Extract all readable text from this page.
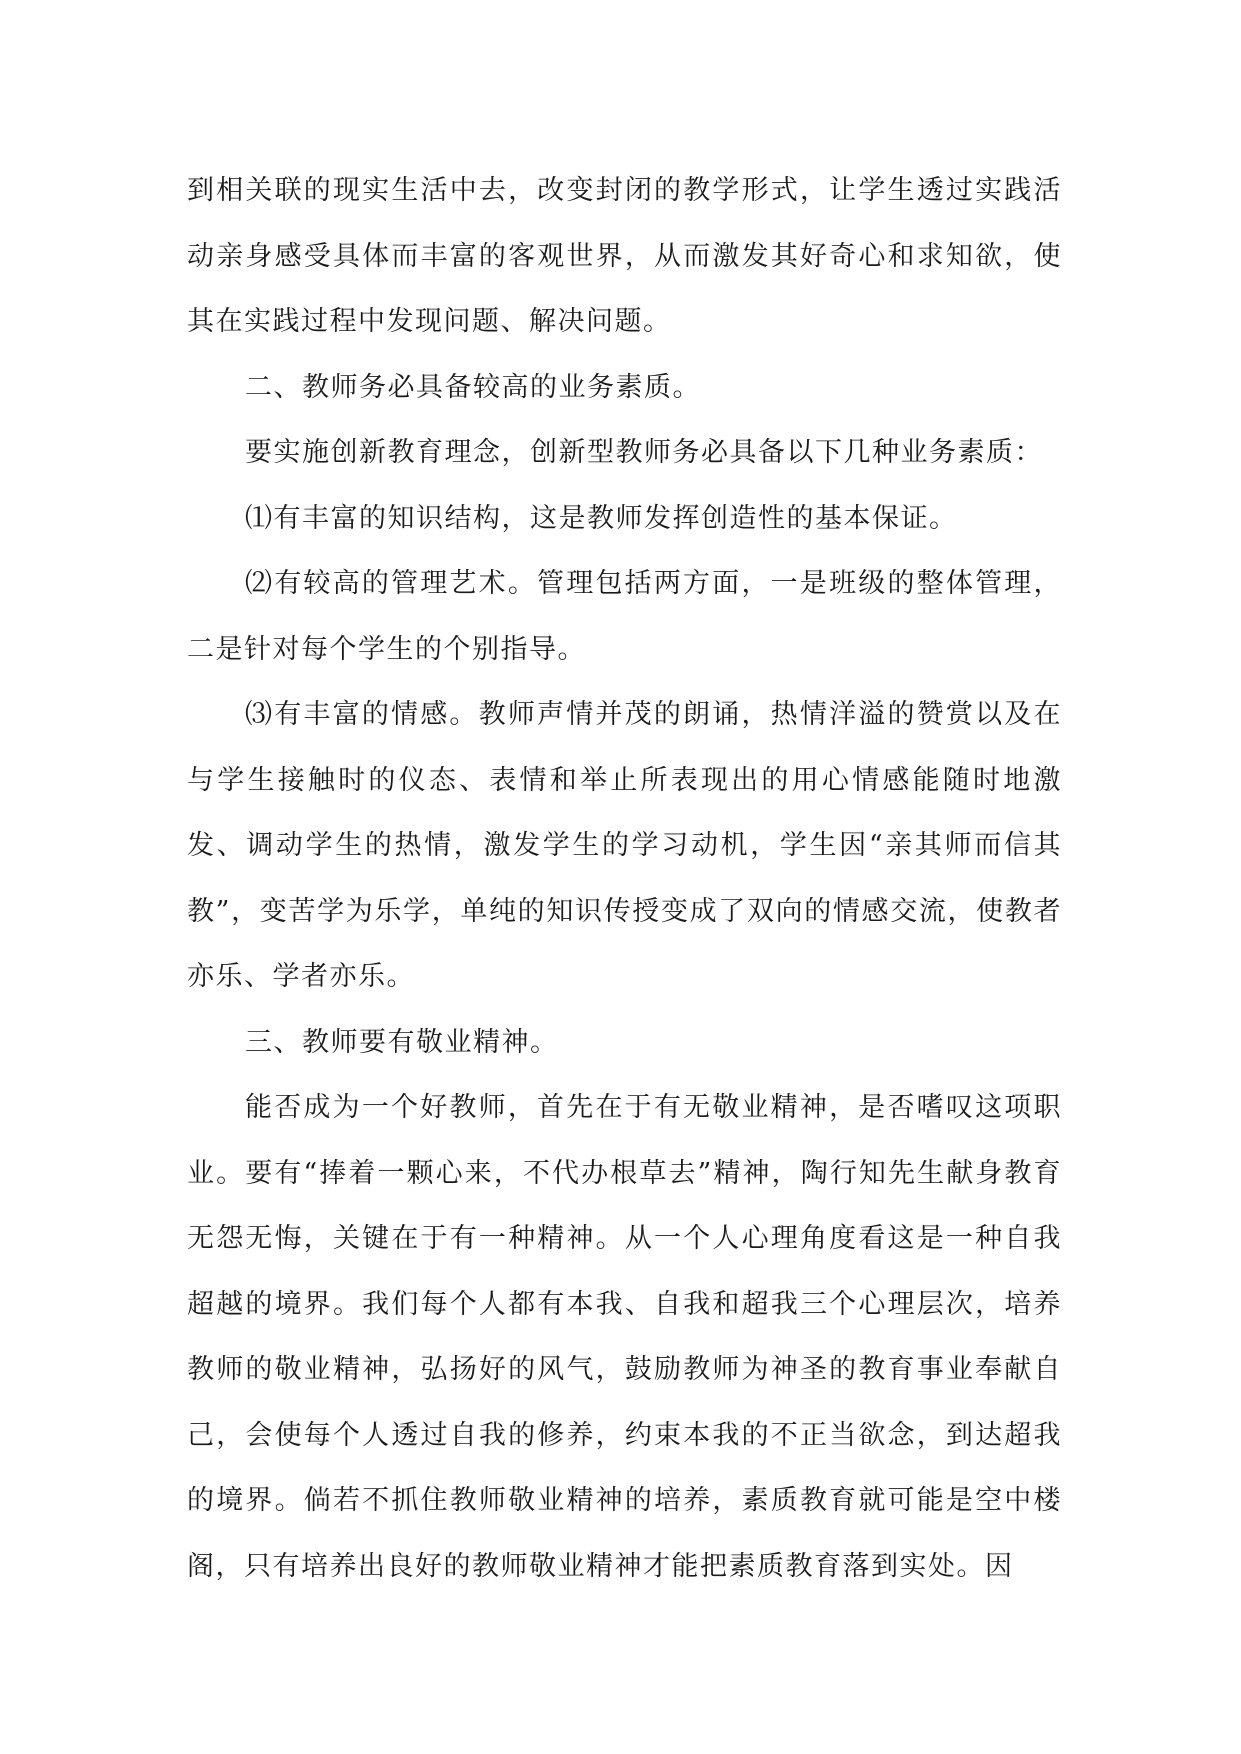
到相关联的现实生活中去，改变封闭的教学形式，让学生透过实践活动亲身感受具体而丰富的客观世界，从而激发其好奇心和求知欲，使其在实践过程中发现问题、解决问题。

二、教师务必具备较高的业务素质。

要实施创新教育理念，创新型教师务必具备以下几种业务素质：

⑴有丰富的知识结构，这是教师发挥创造性的基本保证。

⑵有较高的管理艺术。管理包括两方面，一是班级的整体管理，二是针对每个学生的个别指导。

⑶有丰富的情感。教师声情并茂的朗诵，热情洋溢的赞赏以及在与学生接触时的仪态、表情和举止所表现出的用心情感能随时地激发、调动学生的热情，激发学生的学习动机，学生因“亲其师而信其教”，变苦学为乐学，单纯的知识传授变成了双向的情感交流，使教者亦乐、学者亦乐。

三、教师要有敬业精神。

能否成为一个好教师，首先在于有无敬业精神，是否嗜叹这项职业。要有“捧着一颗心来，不代办根草去”精神，陶行知先生献身教育无怨无悔，关键在于有一种精神。从一个人心理角度看这是一种自我超越的境界。我们每个人都有本我、自我和超我三个心理层次，培养教师的敬业精神，弘扬好的风气，鼓励教师为神圣的教育事业奉献自己，会使每个人透过自我的修养，约束本我的不正当欲念，到达超我的境界。倘若不抓住教师敬业精神的培养，素质教育就可能是空中楼阁，只有培养出良好的教师敬业精神才能把素质教育落到实处。因
